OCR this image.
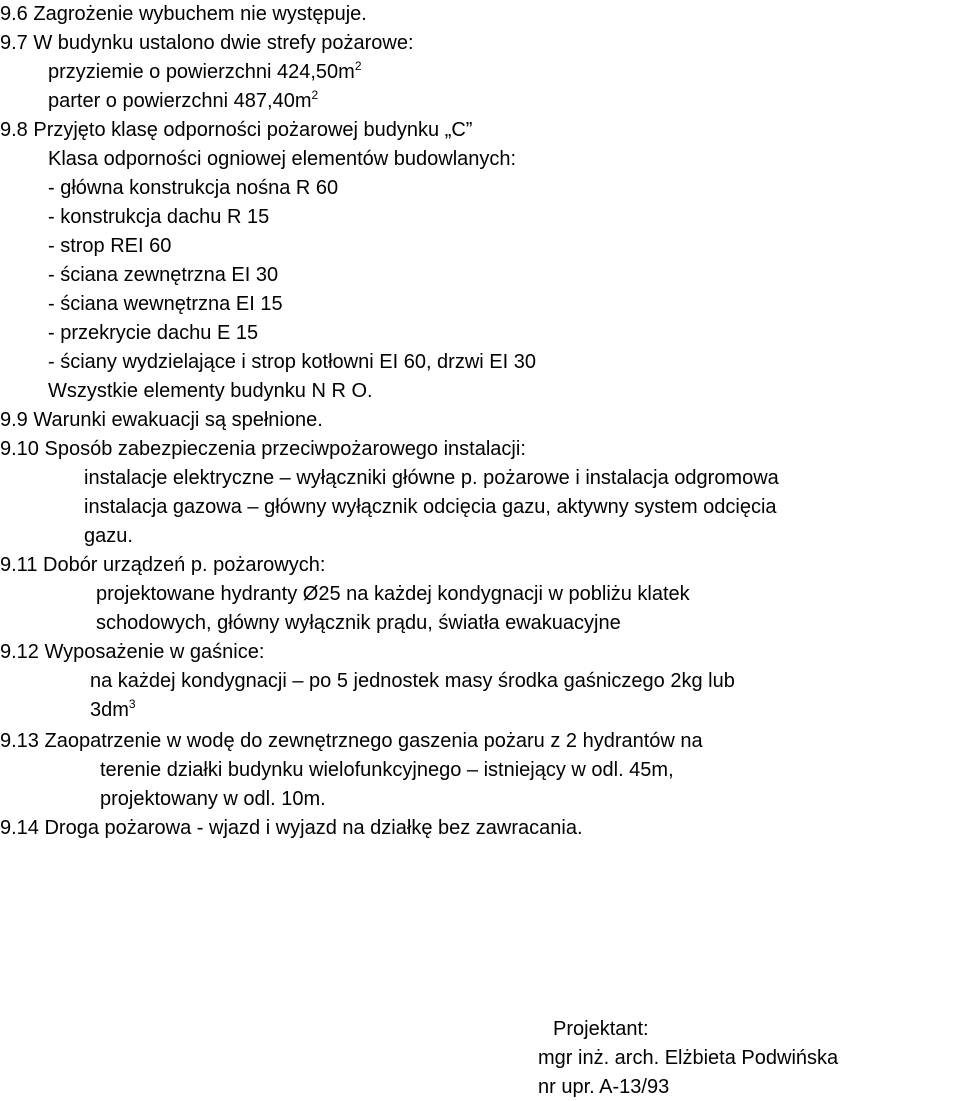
9.6 Zagrożenie wybuchem nie występuje.
9.7 W budynku ustalono dwie strefy pożarowe:
przyziemie o powierzchni $424,50m^2$
parter o powierzchni $487,40m^2$
9.8 Przyjęto klasę odporności pożarowej budynku „C”
Klasa odporności ogniowej elementów budowlanych:
- główna konstrukcja nośna R 60
- konstrukcja dachu R 15
- strop REI 60
- ściana zewnętrzna EI 30
- ściana wewnętrzna EI 15
- przekrycie dachu E 15
- ściany wydzielające i strop kotłowni EI 60, drzwi EI 30
Wszystkie elementy budynku N R O.
9.9 Warunki ewakuacji są spełnione.
9.10 Sposób zabezpieczenia przeciwpożarowego instalacji:
instalacje elektryczne – wyłączniki główne p. pożarowe i instalacja odgromowa
instalacja gazowa – główny wyłącznik odcięcia gazu, aktywny system odcięcia
gazu.
9.11 Dobór urządzeń p. pożarowych:
projektowane hydranty Ø25 na każdej kondygnacji w pobliżu klatek
schodowych, główny wyłącznik prądu, światła ewakuacyjne
9.12 Wyposażenie w gaśnice:
na każdej kondygnacji – po 5 jednostek masy środka gaśniczego 2kg lub
$3dm^3$
9.13 Zaopatrzenie w wodę do zewnętrznego gaszenia pożaru z 2 hydrantów na
terenie działki budynku wielofunkcyjnego – istniejący w odl. 45m,
projektowany w odl. 10m.
9.14 Droga pożarowa - wjazd i wyjazd na działkę bez zawracania.
Projektant:
mgr inż. arch. Elżbieta Podwińska
nr upr. A-13/93
